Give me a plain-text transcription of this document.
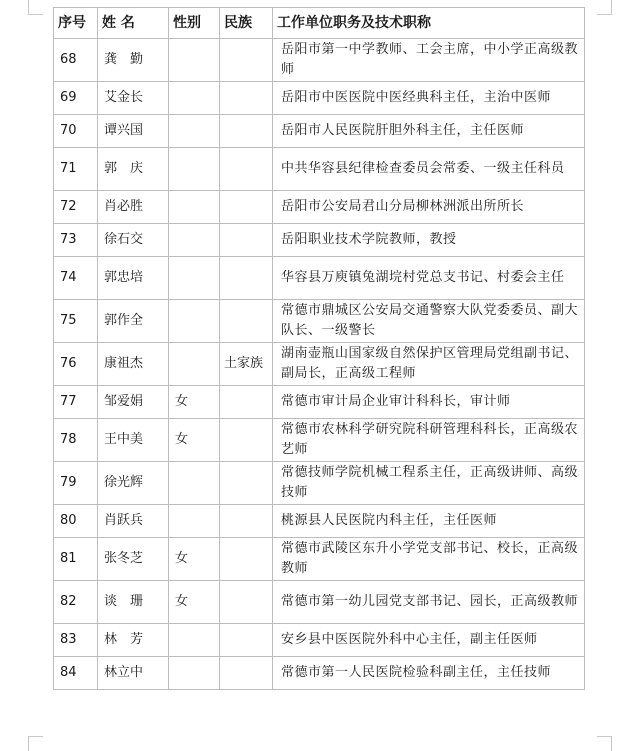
序号	姓 名	性别	民族	工作单位职务及技术职称
68	龚　勤			岳阳市第一中学教师、工会主席，中小学正高级教师
69	艾金长			岳阳市中医医院中医经典科主任，主治中医师
70	谭兴国			岳阳市人民医院肝胆外科主任，主任医师
71	郭　庆			中共华容县纪律检查委员会常委、一级主任科员
72	肖必胜			岳阳市公安局君山分局柳林洲派出所所长
73	徐石交			岳阳职业技术学院教师，教授
74	郭忠培			华容县万庾镇兔湖垸村党总支书记、村委会主任
75	郭作全			常德市鼎城区公安局交通警察大队党委委员、副大队长、一级警长
76	康祖杰		土家族	湖南壶瓶山国家级自然保护区管理局党组副书记、副局长，正高级工程师
77	邹爱娟	女		常德市审计局企业审计科科长，审计师
78	王中美	女		常德市农林科学研究院科研管理科科长，正高级农艺师
79	徐光辉			常德技师学院机械工程系主任，正高级讲师、高级技师
80	肖跃兵			桃源县人民医院内科主任，主任医师
81	张冬芝	女		常德市武陵区东升小学党支部书记、校长，正高级教师
82	谈　珊	女		常德市第一幼儿园党支部书记、园长，正高级教师
83	林　芳			安乡县中医医院外科中心主任，副主任医师
84	林立中			常德市第一人民医院检验科副主任，主任技师
